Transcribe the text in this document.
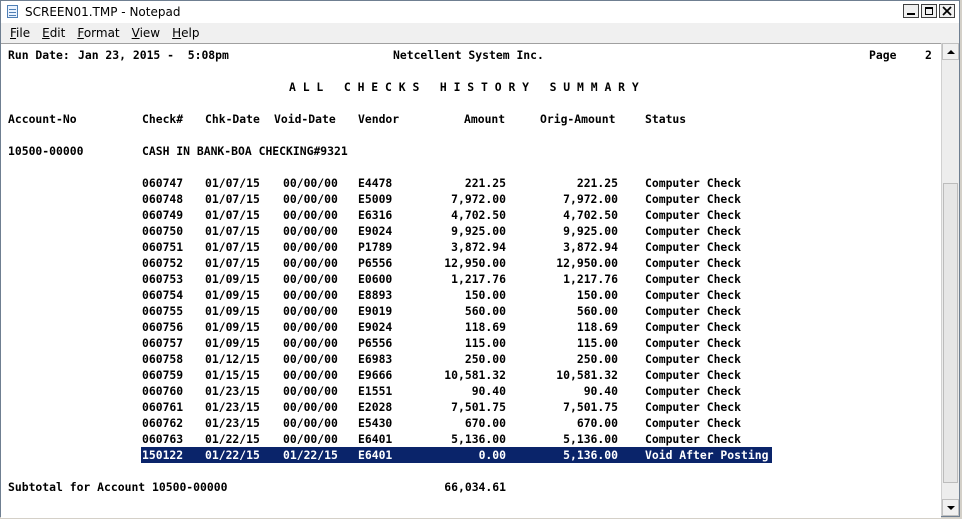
SCREEN01.TMP - Notepad
File	Edit	Format	View	Help
Run Date: Jan 23, 2015 -  5:08pm	Netcellent System Inc.	Page	2
A L L   C H E C K S   H I S T O R Y   S U M M A R Y
Account-No	Check# Chk-Date Void-Date Vendor	Amount	Orig-Amount	Status
10500-00000	CASH IN BANK-BOA CHECKING#9321
060747 01/07/15 00/00/00 E4478	221.25	221.25 Computer Check
060748 01/07/15 00/00/00 E5009	7,972.00	7,972.00 Computer Check
060749 01/07/15 00/00/00 E6316	4,702.50	4,702.50 Computer Check
060750 01/07/15 00/00/00 E9024	9,925.00	9,925.00 Computer Check
060751 01/07/15 00/00/00 P1789	3,872.94	3,872.94 Computer Check
060752 01/07/15 00/00/00 P6556	12,950.00	12,950.00 Computer Check
060753 01/09/15 00/00/00 E0600	1,217.76	1,217.76 Computer Check
060754 01/09/15 00/00/00 E8893	150.00	150.00 Computer Check
060755 01/09/15 00/00/00 E9019	560.00	560.00 Computer Check
060756 01/09/15 00/00/00 E9024	118.69	118.69 Computer Check
060757 01/09/15 00/00/00 P6556	115.00	115.00 Computer Check
060758 01/12/15 00/00/00 E6983	250.00	250.00 Computer Check
060759 01/15/15 00/00/00 E9666	10,581.32	10,581.32 Computer Check
060760 01/23/15 00/00/00 E1551	90.40	90.40 Computer Check
060761 01/23/15 00/00/00 E2028	7,501.75	7,501.75 Computer Check
060762 01/23/15 00/00/00 E5430	670.00	670.00 Computer Check
060763 01/22/15 00/00/00 E6401	5,136.00	5,136.00 Computer Check
150122 01/22/15 01/22/15 E6401	0.00	5,136.00 Void After Posting
Subtotal for Account 10500-00000	66,034.61
